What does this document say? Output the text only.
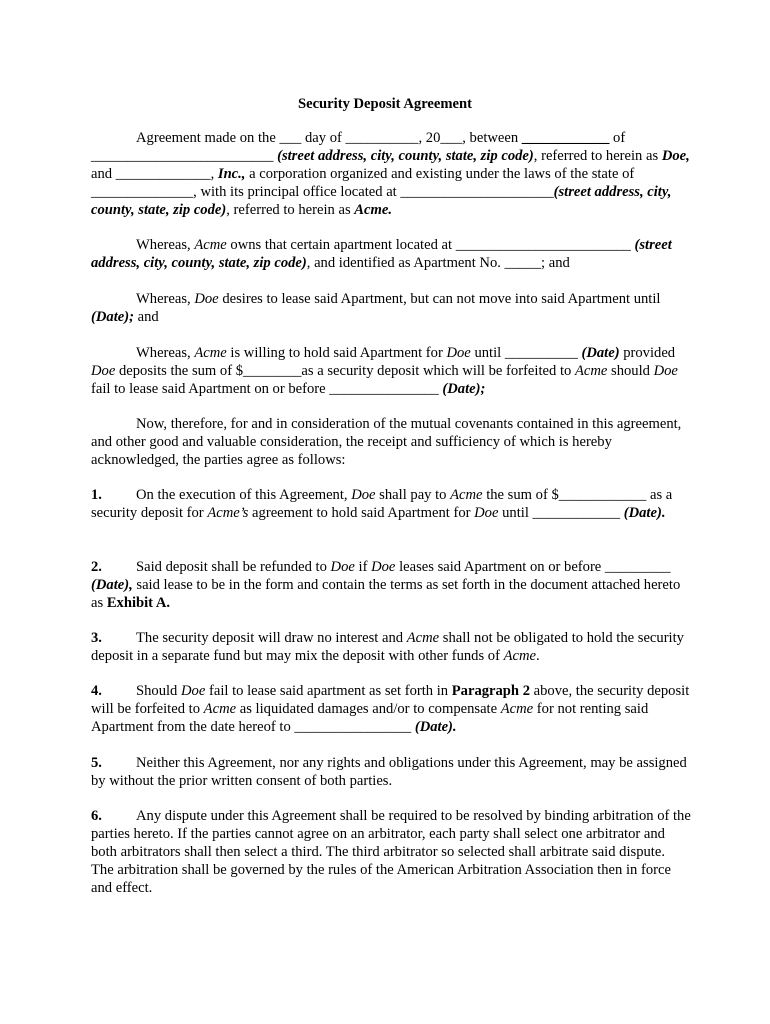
Security Deposit Agreement

Agreement made on the ___ day of __________, 20___, between ____________ of _________________________ (street address, city, county, state, zip code), referred to herein as Doe, and _____________, Inc., a corporation organized and existing under the laws of the state of ______________, with its principal office located at _____________________(street address, city, county, state, zip code), referred to herein as Acme.

Whereas, Acme owns that certain apartment located at ________________________ (street address, city, county, state, zip code), and identified as Apartment No. _____; and

Whereas, Doe desires to lease said Apartment, but can not move into said Apartment until (Date); and

Whereas, Acme is willing to hold said Apartment for Doe until __________ (Date) provided Doe deposits the sum of $________as a security deposit which will be forfeited to Acme should Doe fail to lease said Apartment on or before _______________ (Date);

Now, therefore, for and in consideration of the mutual covenants contained in this agreement, and other good and valuable consideration, the receipt and sufficiency of which is hereby acknowledged, the parties agree as follows:

1. On the execution of this Agreement, Doe shall pay to Acme the sum of $____________ as a security deposit for Acme’s agreement to hold said Apartment for Doe until ____________ (Date).

2. Said deposit shall be refunded to Doe if Doe leases said Apartment on or before _________ (Date), said lease to be in the form and contain the terms as set forth in the document attached hereto as Exhibit A.

3. The security deposit will draw no interest and Acme shall not be obligated to hold the security deposit in a separate fund but may mix the deposit with other funds of Acme.

4. Should Doe fail to lease said apartment as set forth in Paragraph 2 above, the security deposit will be forfeited to Acme as liquidated damages and/or to compensate Acme for not renting said Apartment from the date hereof to ________________ (Date).

5. Neither this Agreement, nor any rights and obligations under this Agreement, may be assigned by without the prior written consent of both parties.

6. Any dispute under this Agreement shall be required to be resolved by binding arbitration of the parties hereto. If the parties cannot agree on an arbitrator, each party shall select one arbitrator and both arbitrators shall then select a third. The third arbitrator so selected shall arbitrate said dispute. The arbitration shall be governed by the rules of the American Arbitration Association then in force and effect.
